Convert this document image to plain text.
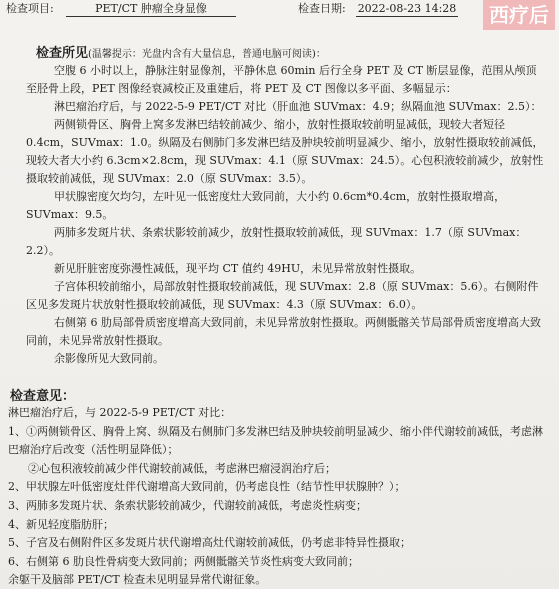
检查项目:	PET/CT 肿瘤全身显像	检查日期: 2022-08-23 14:28	西疗后
检查所见(温馨提示：光盘内含有大量信息，普通电脑可阅读)：

空腹 6 小时以上，静脉注射显像剂，平静休息 60min 后行全身 PET 及 CT 断层显像，范围从颅顶至胫骨上段，PET 图像经衰减校正及重建后，将 PET 及 CT 图像以多平面、多幅显示：

淋巴瘤治疗后，与 2022-5-9 PET/CT 对比（肝血池 SUVmax：4.9；纵隔血池 SUVmax：2.5）：

两侧锁骨区、胸骨上窝多发淋巴结较前减少、缩小，放射性摄取较前明显减低，现较大者短径 0.4cm，SUVmax：1.0。纵隔及右侧肺门多发淋巴结及肿块较前明显减少、缩小，放射性摄取较前减低，现较大者大小约 6.3cm×2.8cm，现 SUVmax：4.1（原 SUVmax：24.5）。心包积液较前减少，放射性摄取较前减低，现 SUVmax：2.0（原 SUVmax：3.5）。

甲状腺密度欠均匀，左叶见一低密度灶大致同前，大小约 0.6cm*0.4cm，放射性摄取增高，SUVmax：9.5。

两肺多发斑片状、条索状影较前减少，放射性摄取较前减低，现 SUVmax：1.7（原 SUVmax：2.2）。

新见肝脏密度弥漫性减低，现平均 CT 值约 49HU，未见异常放射性摄取。

子宫体积较前缩小，局部放射性摄取较前减低，现 SUVmax：2.8（原 SUVmax：5.6）。右侧附件区见多发斑片状放射性摄取较前减低，现 SUVmax：4.3（原 SUVmax：6.0）。

右侧第 6 肋局部骨质密度增高大致同前，未见异常放射性摄取。两侧骶髂关节局部骨质密度增高大致同前，未见异常放射性摄取。

余影像所见大致同前。

检查意见：

淋巴瘤治疗后，与 2022-5-9 PET/CT 对比：

1、①两侧锁骨区、胸骨上窝、纵隔及右侧肺门多发淋巴结及肿块较前明显减少、缩小伴代谢较前减低，考虑淋巴瘤治疗后改变（活性明显降低）；

②心包积液较前减少伴代谢较前减低，考虑淋巴瘤浸润治疗后；

2、甲状腺左叶低密度灶伴代谢增高大致同前，仍考虑良性（结节性甲状腺肿？）；

3、两肺多发斑片状、条索状影较前减少，代谢较前减低，考虑炎性病变；

4、新见轻度脂肪肝；

5、子宫及右侧附件区多发斑片状代谢增高灶代谢较前减低，仍考虑非特异性摄取；

6、右侧第 6 肋良性骨病变大致同前；两侧骶髂关节炎性病变大致同前；

余躯干及脑部 PET/CT 检查未见明显异常代谢征象。
